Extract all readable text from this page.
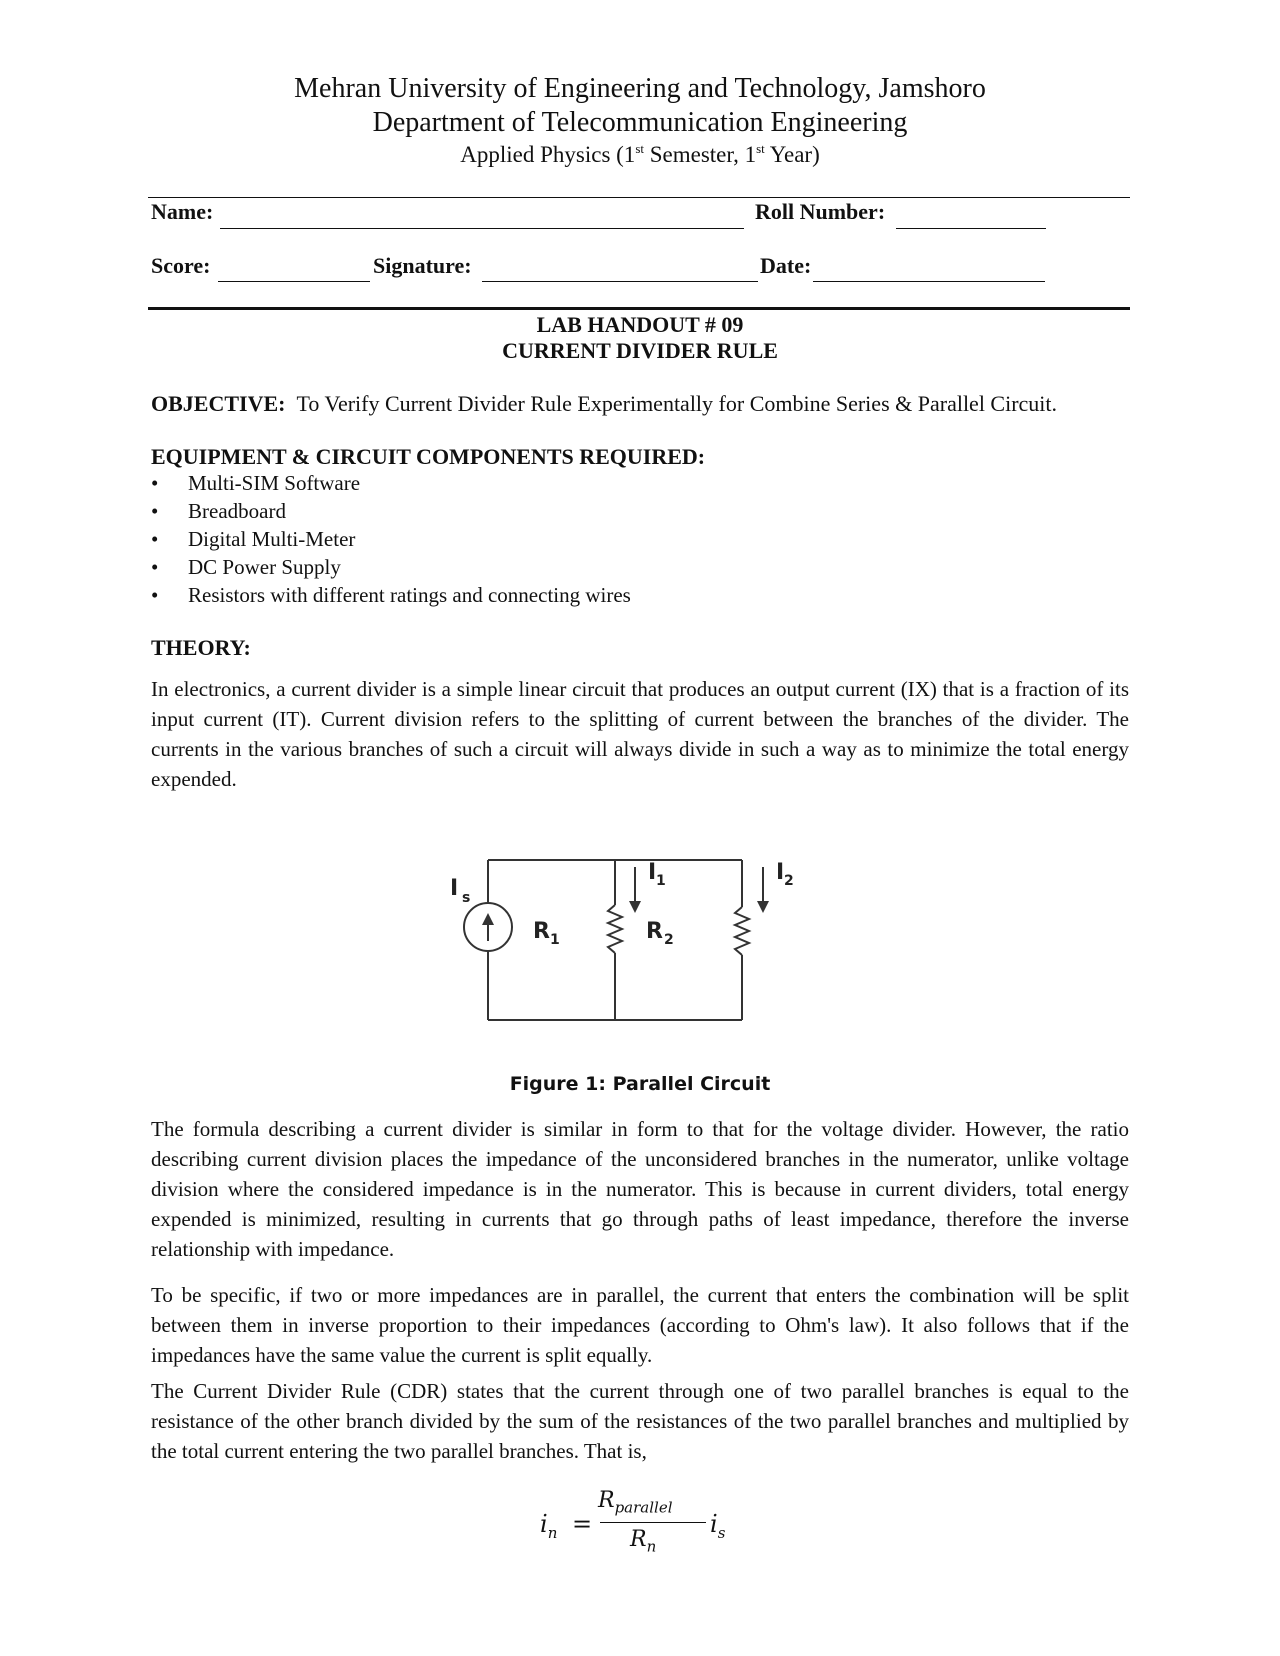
Mehran University of Engineering and Technology, Jamshoro
Department of Telecommunication Engineering
Applied Physics (1st Semester, 1st Year)
Name:	Roll Number:
Score:	Signature:	Date:
LAB HANDOUT # 09
CURRENT DIVIDER RULE
OBJECTIVE: To Verify Current Divider Rule Experimentally for Combine Series & Parallel Circuit.
EQUIPMENT & CIRCUIT COMPONENTS REQUIRED:
• Multi-SIM Software
• Breadboard
• Digital Multi-Meter
• DC Power Supply
• Resistors with different ratings and connecting wires
THEORY:

In electronics, a current divider is a simple linear circuit that produces an output current (IX) that is a fraction of its input current (IT). Current division refers to the splitting of current between the branches of the divider. The currents in the various branches of such a circuit will always divide in such a way as to minimize the total energy expended.

I s
R 1	R 2
I 1	I 2
Figure 1: Parallel Circuit

The formula describing a current divider is similar in form to that for the voltage divider. However, the ratio describing current division places the impedance of the unconsidered branches in the numerator, unlike voltage division where the considered impedance is in the numerator. This is because in current dividers, total energy expended is minimized, resulting in currents that go through paths of least impedance, therefore the inverse relationship with impedance.

To be specific, if two or more impedances are in parallel, the current that enters the combination will be split between them in inverse proportion to their impedances (according to Ohm's law). It also follows that if the impedances have the same value the current is split equally.

The Current Divider Rule (CDR) states that the current through one of two parallel branches is equal to the resistance of the other branch divided by the sum of the resistances of the two parallel branches and multiplied by the total current entering the two parallel branches. That is,

$i_n$ =
$R_{parallel}$
$R_n$
$i_s$
